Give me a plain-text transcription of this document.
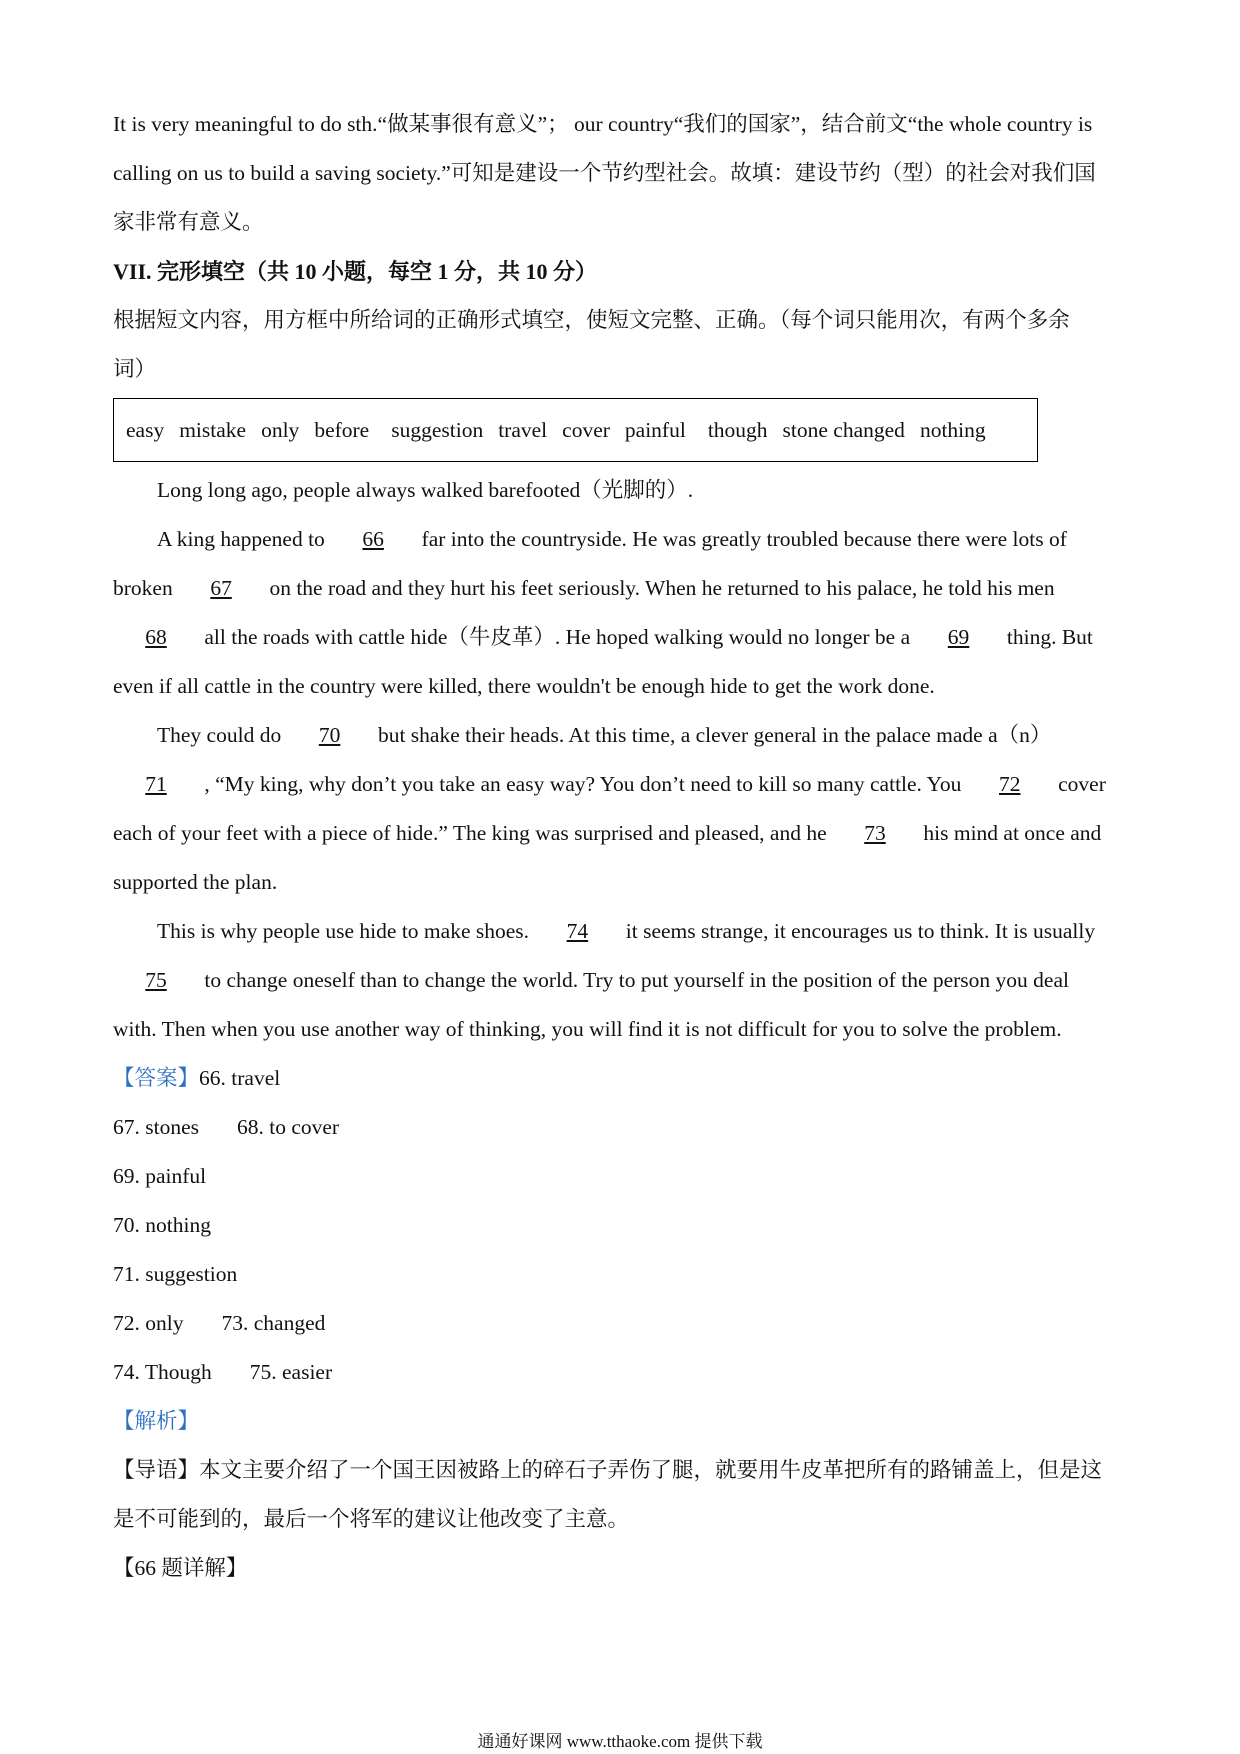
It is very meaningful to do sth.“做某事很有意义”； our country“我们的国家”，结合前文“the whole country is
calling on us to build a saving society.”可知是建设一个节约型社会。故填：建设节约（型）的社会对我们国
家非常有意义。
VII. 完形填空（共 10 小题，每空 1 分，共 10 分）
根据短文内容，用方框中所给词的正确形式填空，使短文完整、正确。（每个词只能用次，有两个多余
词）
easy mistake only before suggestion travel cover painful though stone changed nothing
Long long ago, people always walked barefooted（光脚的）.
A king happened to 66 far into the countryside. He was greatly troubled because there were lots of
broken 67 on the road and they hurt his feet seriously. When he returned to his palace, he told his men
68 all the roads with cattle hide（牛皮革）. He hoped walking would no longer be a 69 thing. But
even if all cattle in the country were killed, there wouldn't be enough hide to get the work done.
They could do 70 but shake their heads. At this time, a clever general in the palace made a（n）
71 , “My king, why don’t you take an easy way? You don’t need to kill so many cattle. You 72 cover
each of your feet with a piece of hide.” The king was surprised and pleased, and he 73 his mind at once and
supported the plan.
This is why people use hide to make shoes. 74 it seems strange, it encourages us to think. It is usually
75 to change oneself than to change the world. Try to put yourself in the position of the person you deal
with. Then when you use another way of thinking, you will find it is not difficult for you to solve the problem.
【答案】66. travel
67. stones 68. to cover
69. painful
70. nothing
71. suggestion
72. only 73. changed
74. Though 75. easier
【解析】
【导语】本文主要介绍了一个国王因被路上的碎石子弄伤了腿，就要用牛皮革把所有的路铺盖上，但是这
是不可能到的，最后一个将军的建议让他改变了主意。
【66 题详解】
通通好课网 www.tthaoke.com 提供下载
